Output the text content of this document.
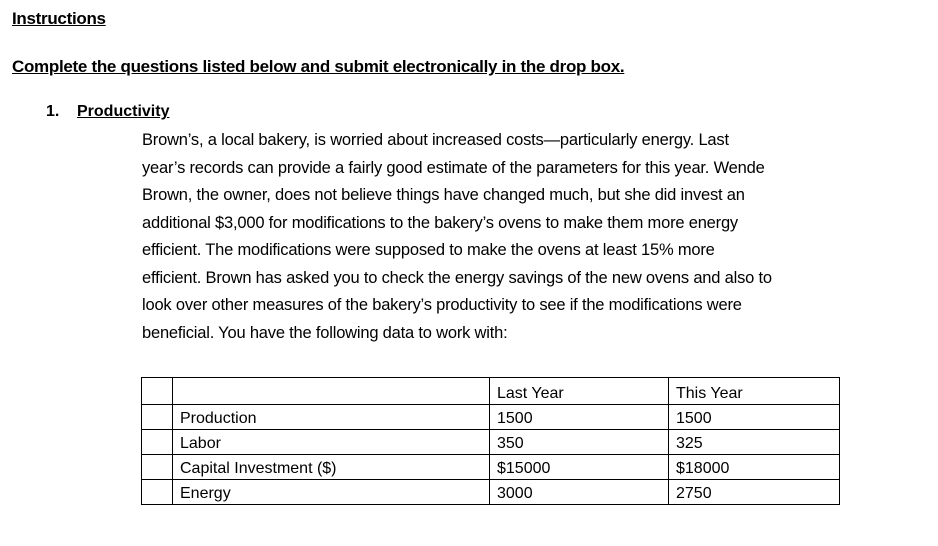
Instructions
Complete the questions listed below and submit electronically in the drop box.
1. Productivity
Brown’s, a local bakery, is worried about increased costs—particularly energy. Last
year’s records can provide a fairly good estimate of the parameters for this year. Wende
Brown, the owner, does not believe things have changed much, but she did invest an
additional $3,000 for modifications to the bakery’s ovens to make them more energy
efficient. The modifications were supposed to make the ovens at least 15% more
efficient. Brown has asked you to check the energy savings of the new ovens and also to
look over other measures of the bakery’s productivity to see if the modifications were
beneficial. You have the following data to work with:
		Last Year	This Year
	Production	1500	1500
	Labor	350	325
	Capital Investment ($)	$15000	$18000
	Energy	3000	2750
